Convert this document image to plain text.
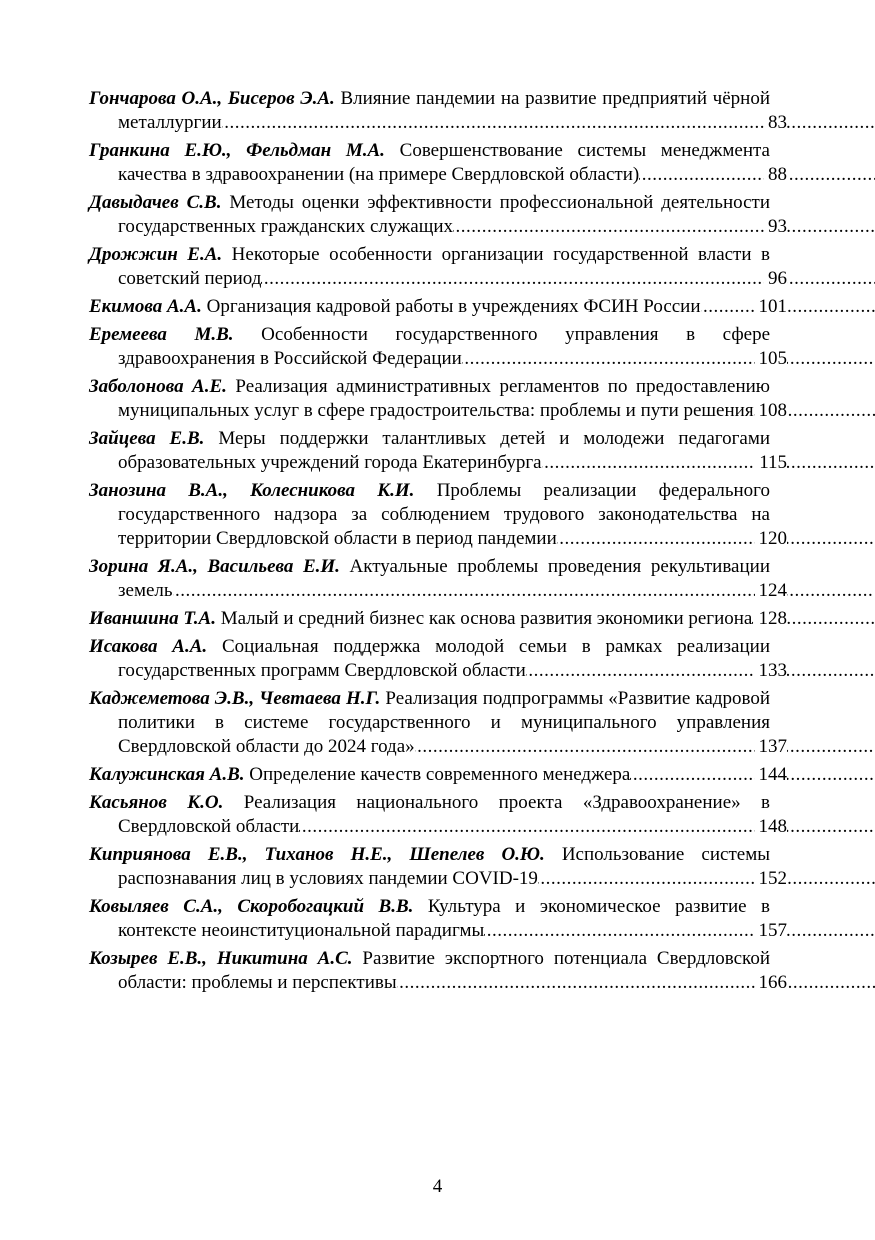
Гончарова О.А., Бисеров Э.А. Влияние пандемии на развитие предприятий чёрной металлургии .....	83
Гранкина Е.Ю., Фельдман М.А. Совершенствование системы менеджмента качества в здравоохранении (на примере Свердловской области) .....	88
Давыдачев С.В. Методы оценки эффективности профессиональной деятельности государственных гражданских служащих .....	93
Дрожжин Е.А. Некоторые особенности организации государственной власти в советский период .....	96
Екимова А.А. Организация кадровой работы в учреждениях ФСИН России .....	101
Еремеева М.В. Особенности государственного управления в сфере здравоохранения в Российской Федерации .....	105
Заболонова А.Е. Реализация административных регламентов по предоставлению муниципальных услуг в сфере градостроительства: проблемы и пути решения ..... 108
Зайцева Е.В. Меры поддержки талантливых детей и молодежи педагогами образовательных учреждений города Екатеринбурга .....	115
Занозина В.А., Колесникова К.И. Проблемы реализации федерального государственного надзора за соблюдением трудового законодательства на территории Свердловской области в период пандемии .....	120
Зорина Я.А., Васильева Е.И. Актуальные проблемы проведения рекультивации земель .....	124
Иваншина Т.А. Малый и средний бизнес как основа развития экономики региона ..... 128
Исакова А.А. Социальная поддержка молодой семьи в рамках реализации государственных программ Свердловской области .....	133
Каджеметова Э.В., Чевтаева Н.Г. Реализация подпрограммы «Развитие кадровой политики в системе государственного и муниципального управления Свердловской области до 2024 года» .....	137
Калужинская А.В. Определение качеств современного менеджера .....	144
Касьянов К.О. Реализация национального проекта «Здравоохранение» в Свердловской области .....	148
Киприянова Е.В., Тиханов Н.Е., Шепелев О.Ю. Использование системы распознавания лиц в условиях пандемии COVID-19 .....	152
Ковыляев С.А., Скоробогацкий В.В. Культура и экономическое развитие в контексте неоинституциональной парадигмы .....	157
Козырев Е.В., Никитина А.С. Развитие экспортного потенциала Свердловской области: проблемы и перспективы .....	166
4
